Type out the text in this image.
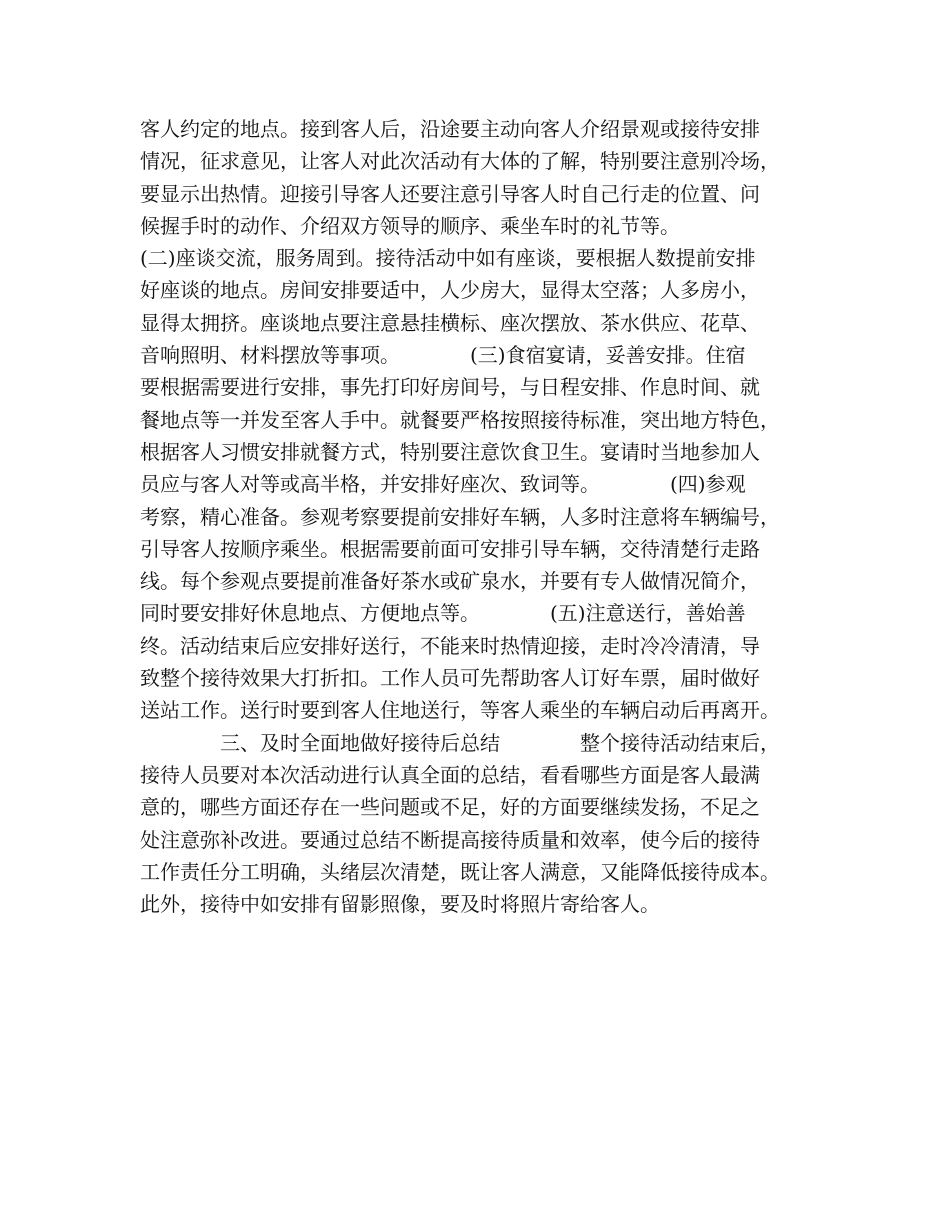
客人约定的地点。接到客人后，沿途要主动向客人介绍景观或接待安排
情况，征求意见，让客人对此次活动有大体的了解，特别要注意别冷场，
要显示出热情。迎接引导客人还要注意引导客人时自己行走的位置、问
候握手时的动作、介绍双方领导的顺序、乘坐车时的礼节等。
(二)座谈交流，服务周到。接待活动中如有座谈，要根据人数提前安排
好座谈的地点。房间安排要适中，人少房大，显得太空落；人多房小，
显得太拥挤。座谈地点要注意悬挂横标、座次摆放、茶水供应、花草、
音响照明、材料摆放等事项。　　　　(三)食宿宴请，妥善安排。住宿
要根据需要进行安排，事先打印好房间号，与日程安排、作息时间、就
餐地点等一并发至客人手中。就餐要严格按照接待标准，突出地方特色，
根据客人习惯安排就餐方式，特别要注意饮食卫生。宴请时当地参加人
员应与客人对等或高半格，并安排好座次、致词等。　　　　(四)参观
考察，精心准备。参观考察要提前安排好车辆，人多时注意将车辆编号，
引导客人按顺序乘坐。根据需要前面可安排引导车辆，交待清楚行走路
线。每个参观点要提前准备好茶水或矿泉水，并要有专人做情况简介，
同时要安排好休息地点、方便地点等。　　　　(五)注意送行，善始善
终。活动结束后应安排好送行，不能来时热情迎接，走时冷冷清清，导
致整个接待效果大打折扣。工作人员可先帮助客人订好车票，届时做好
送站工作。送行时要到客人住地送行，等客人乘坐的车辆启动后再离开。
　　　　三、及时全面地做好接待后总结　　　　整个接待活动结束后，
接待人员要对本次活动进行认真全面的总结，看看哪些方面是客人最满
意的，哪些方面还存在一些问题或不足，好的方面要继续发扬，不足之
处注意弥补改进。要通过总结不断提高接待质量和效率，使今后的接待
工作责任分工明确，头绪层次清楚，既让客人满意，又能降低接待成本。
此外，接待中如安排有留影照像，要及时将照片寄给客人。
